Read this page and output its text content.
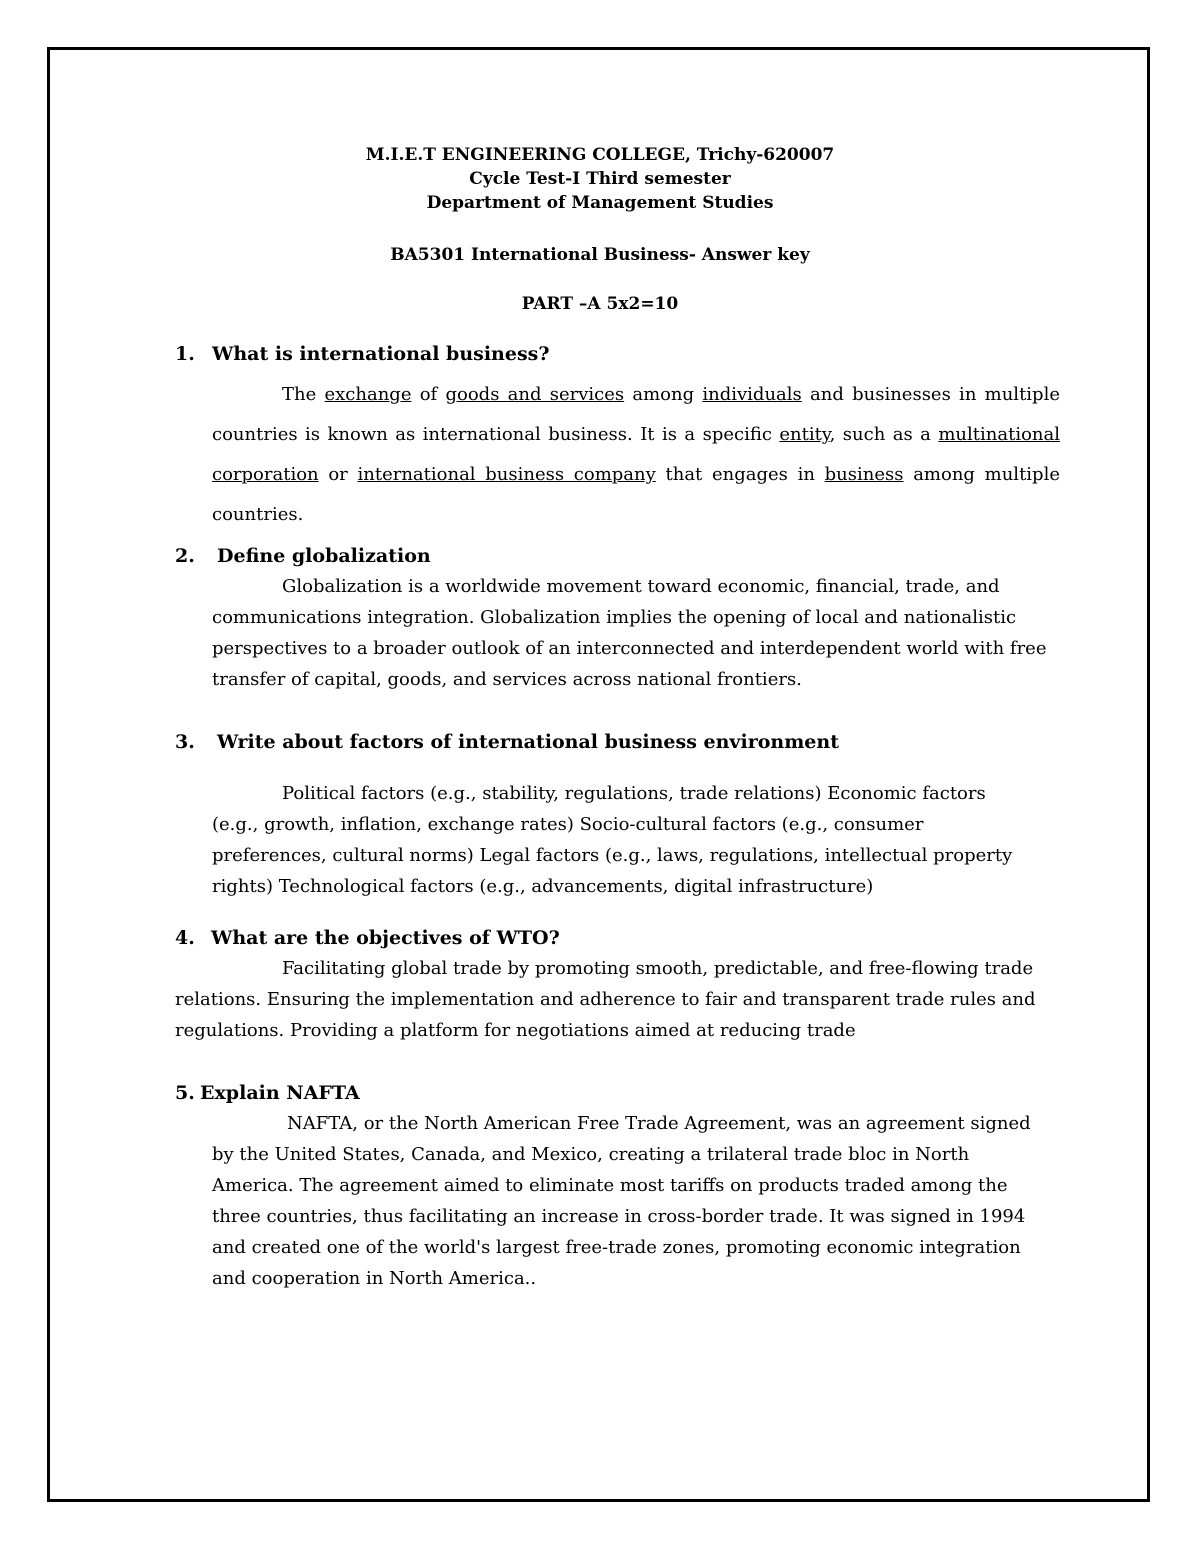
M.I.E.T ENGINEERING COLLEGE, Trichy-620007
Cycle Test-I Third semester
Department of Management Studies
BA5301 International Business- Answer key
PART –A 5x2=10
1. What is international business?
The exchange of goods and services among individuals and businesses in multiple
countries is known as international business. It is a specific entity, such as a multinational
corporation or international business company that engages in business among multiple
countries.
2. Define globalization
Globalization is a worldwide movement toward economic, financial, trade, and
communications integration. Globalization implies the opening of local and nationalistic
perspectives to a broader outlook of an interconnected and interdependent world with free
transfer of capital, goods, and services across national frontiers.
3. Write about factors of international business environment
Political factors (e.g., stability, regulations, trade relations) Economic factors
(e.g., growth, inflation, exchange rates) Socio-cultural factors (e.g., consumer
preferences, cultural norms) Legal factors (e.g., laws, regulations, intellectual property
rights) Technological factors (e.g., advancements, digital infrastructure)
4. What are the objectives of WTO?
Facilitating global trade by promoting smooth, predictable, and free-flowing trade
relations. Ensuring the implementation and adherence to fair and transparent trade rules and
regulations. Providing a platform for negotiations aimed at reducing trade
5. Explain NAFTA
NAFTA, or the North American Free Trade Agreement, was an agreement signed
by the United States, Canada, and Mexico, creating a trilateral trade bloc in North
America. The agreement aimed to eliminate most tariffs on products traded among the
three countries, thus facilitating an increase in cross-border trade. It was signed in 1994
and created one of the world's largest free-trade zones, promoting economic integration
and cooperation in North America..
